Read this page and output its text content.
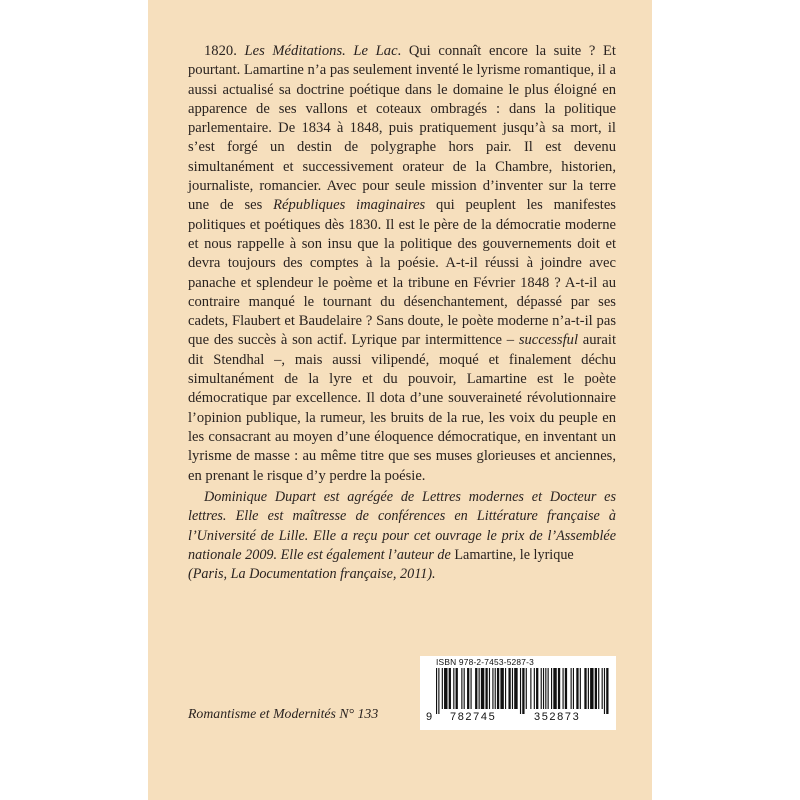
1820. Les Méditations. Le Lac. Qui connaît encore la suite ? Et pourtant. Lamartine n’a pas seulement inventé le lyrisme romantique, il a aussi actualisé sa doctrine poétique dans le domaine le plus éloigné en apparence de ses vallons et coteaux ombragés : dans la politique parlementaire. De 1834 à 1848, puis pratiquement jusqu’à sa mort, il s’est forgé un destin de polygraphe hors pair. Il est devenu simultanément et successivement orateur de la Chambre, historien, journaliste, romancier. Avec pour seule mission d’inventer sur la terre une de ses Républiques imaginaires qui peuplent les manifestes politiques et poétiques dès 1830. Il est le père de la démocratie moderne et nous rappelle à son insu que la politique des gouvernements doit et devra toujours des comptes à la poésie. A-t-il réussi à joindre avec panache et splendeur le poème et la tribune en Février 1848 ? A-t-il au contraire manqué le tournant du désenchantement, dépassé par ses cadets, Flaubert et Baudelaire ? Sans doute, le poète moderne n’a-t-il pas que des succès à son actif. Lyrique par intermittence – successful aurait dit Stendhal –, mais aussi vilipendé, moqué et finalement déchu simultanément de la lyre et du pouvoir, Lamartine est le poète démocratique par excellence. Il dota d’une souveraineté révolutionnaire l’opinion publique, la rumeur, les bruits de la rue, les voix du peuple en les consacrant au moyen d’une éloquence démocratique, en inventant un lyrisme de masse : au même titre que ses muses glorieuses et anciennes, en prenant le risque d’y perdre la poésie.

Dominique Dupart est agrégée de Lettres modernes et Docteur es lettres. Elle est maîtresse de conférences en Littérature française à l’Université de Lille. Elle a reçu pour cet ouvrage le prix de l’Assemblée nationale 2009. Elle est également l’auteur de Lamartine, le lyrique
(Paris, La Documentation française, 2011).

Romantisme et Modernités N° 133
ISBN 978-2-7453-5287-3
9 782745	352873
